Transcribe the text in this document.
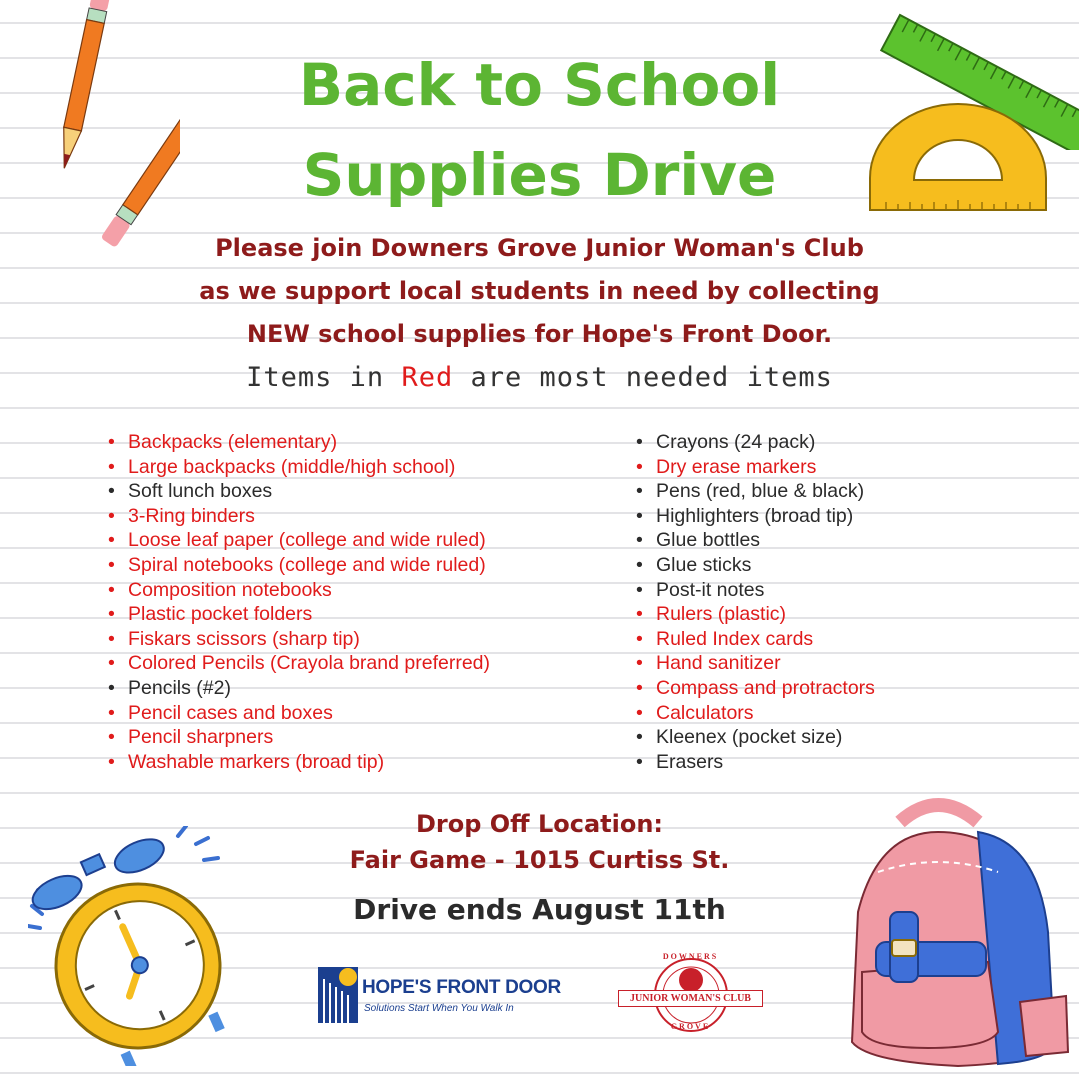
Back to School
Supplies Drive

Please join Downers Grove Junior Woman's Club
as we support local students in need by collecting
NEW school supplies for Hope's Front Door.

Items in Red are most needed items
• Backpacks (elementary)
• Large backpacks (middle/high school)
• Soft lunch boxes
• 3-Ring binders
• Loose leaf paper (college and wide ruled)
• Spiral notebooks (college and wide ruled)
• Composition notebooks
• Plastic pocket folders
• Fiskars scissors (sharp tip)
• Colored Pencils (Crayola brand preferred)
• Pencils (#2)
• Pencil cases and boxes
• Pencil sharpners
• Washable markers (broad tip)
• Crayons (24 pack)
• Dry erase markers
• Pens (red, blue & black)
• Highlighters (broad tip)
• Glue bottles
• Glue sticks
• Post-it notes
• Rulers (plastic)
• Ruled Index cards
• Hand sanitizer
• Compass and protractors
• Calculators
• Kleenex (pocket size)
• Erasers
Drop Off Location:
Fair Game - 1015 Curtiss St.
Drive ends August 11th
HOPE'S FRONT DOOR
Solutions Start When You Walk In
DOWNERS
JUNIOR WOMAN'S CLUB
GROVE
